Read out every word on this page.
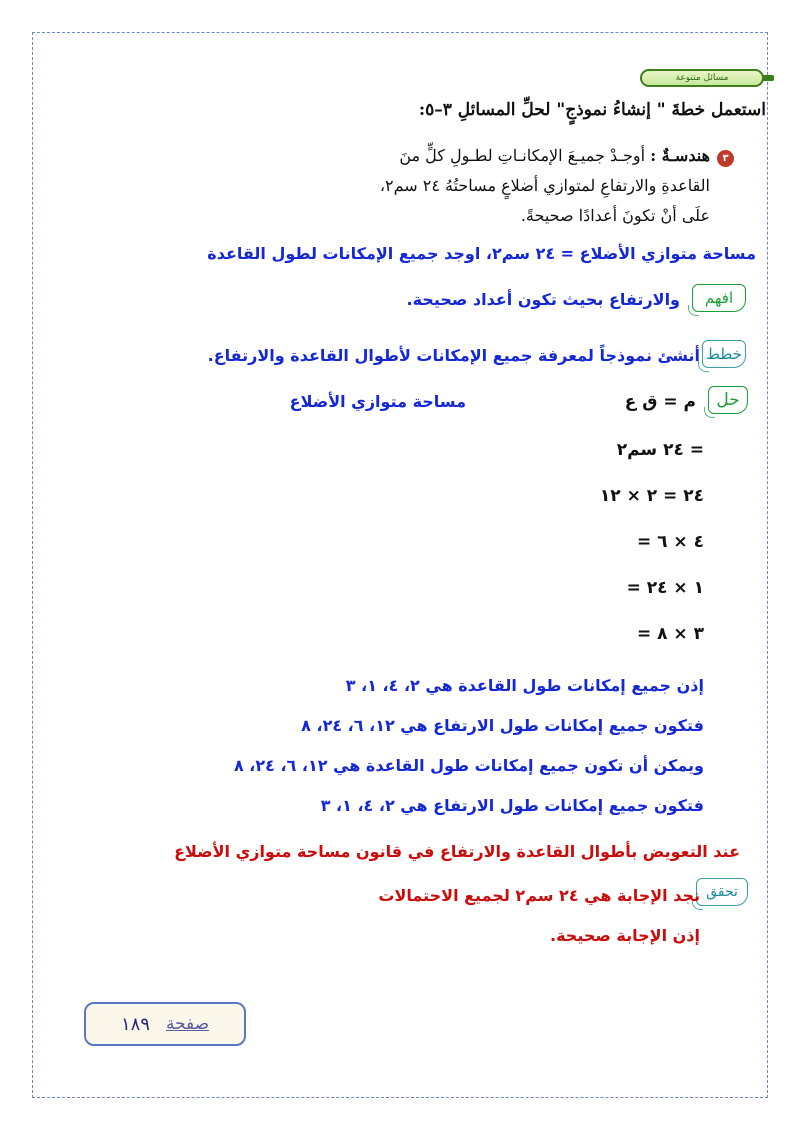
مسائل متنوعة
استعمل خطةَ " إنشاءُ نموذجٍ" لحلِّ المسائلِ ٣–٥:
٣
هندسـةٌ : أوجـدْ جميـعَ الإمكانـاتِ لطـولِ كلٍّ منَ
القاعدةِ والارتفاعِ لمتوازي أضلاعٍ مساحتُهُ ٢٤ سم٢،
علَى أنْ تكونَ أعدادًا صحيحةً.
مساحة متوازي الأضلاع = ٢٤ سم٢، اوجد جميع الإمكانات لطول القاعدة
افهم
والارتفاع بحيث تكون أعداد صحيحة.
خطط
أنشئ نموذجاً لمعرفة جميع الإمكانات لأطوال القاعدة والارتفاع.
حل
م = ق ع
مساحة متوازي الأضلاع
= ٢٤ سم٢
٢٤ = ٢ × ١٢
= ٤ × ٦
= ١ × ٢٤
= ٣ × ٨
إذن جميع إمكانات طول القاعدة هي ٢، ٤، ١، ٣
فتكون جميع إمكانات طول الارتفاع هي ١٢، ٦، ٢٤، ٨
ويمكن أن تكون جميع إمكانات طول القاعدة هي ١٢، ٦، ٢٤، ٨
فتكون جميع إمكانات طول الارتفاع هي ٢، ٤، ١، ٣
عند التعويض بأطوال القاعدة والارتفاع في قانون مساحة متوازي الأضلاع
تحقق
نجد الإجابة هي ٢٤ سم٢ لجميع الاحتمالات
إذن الإجابة صحيحة.
صفحة
١٨٩
